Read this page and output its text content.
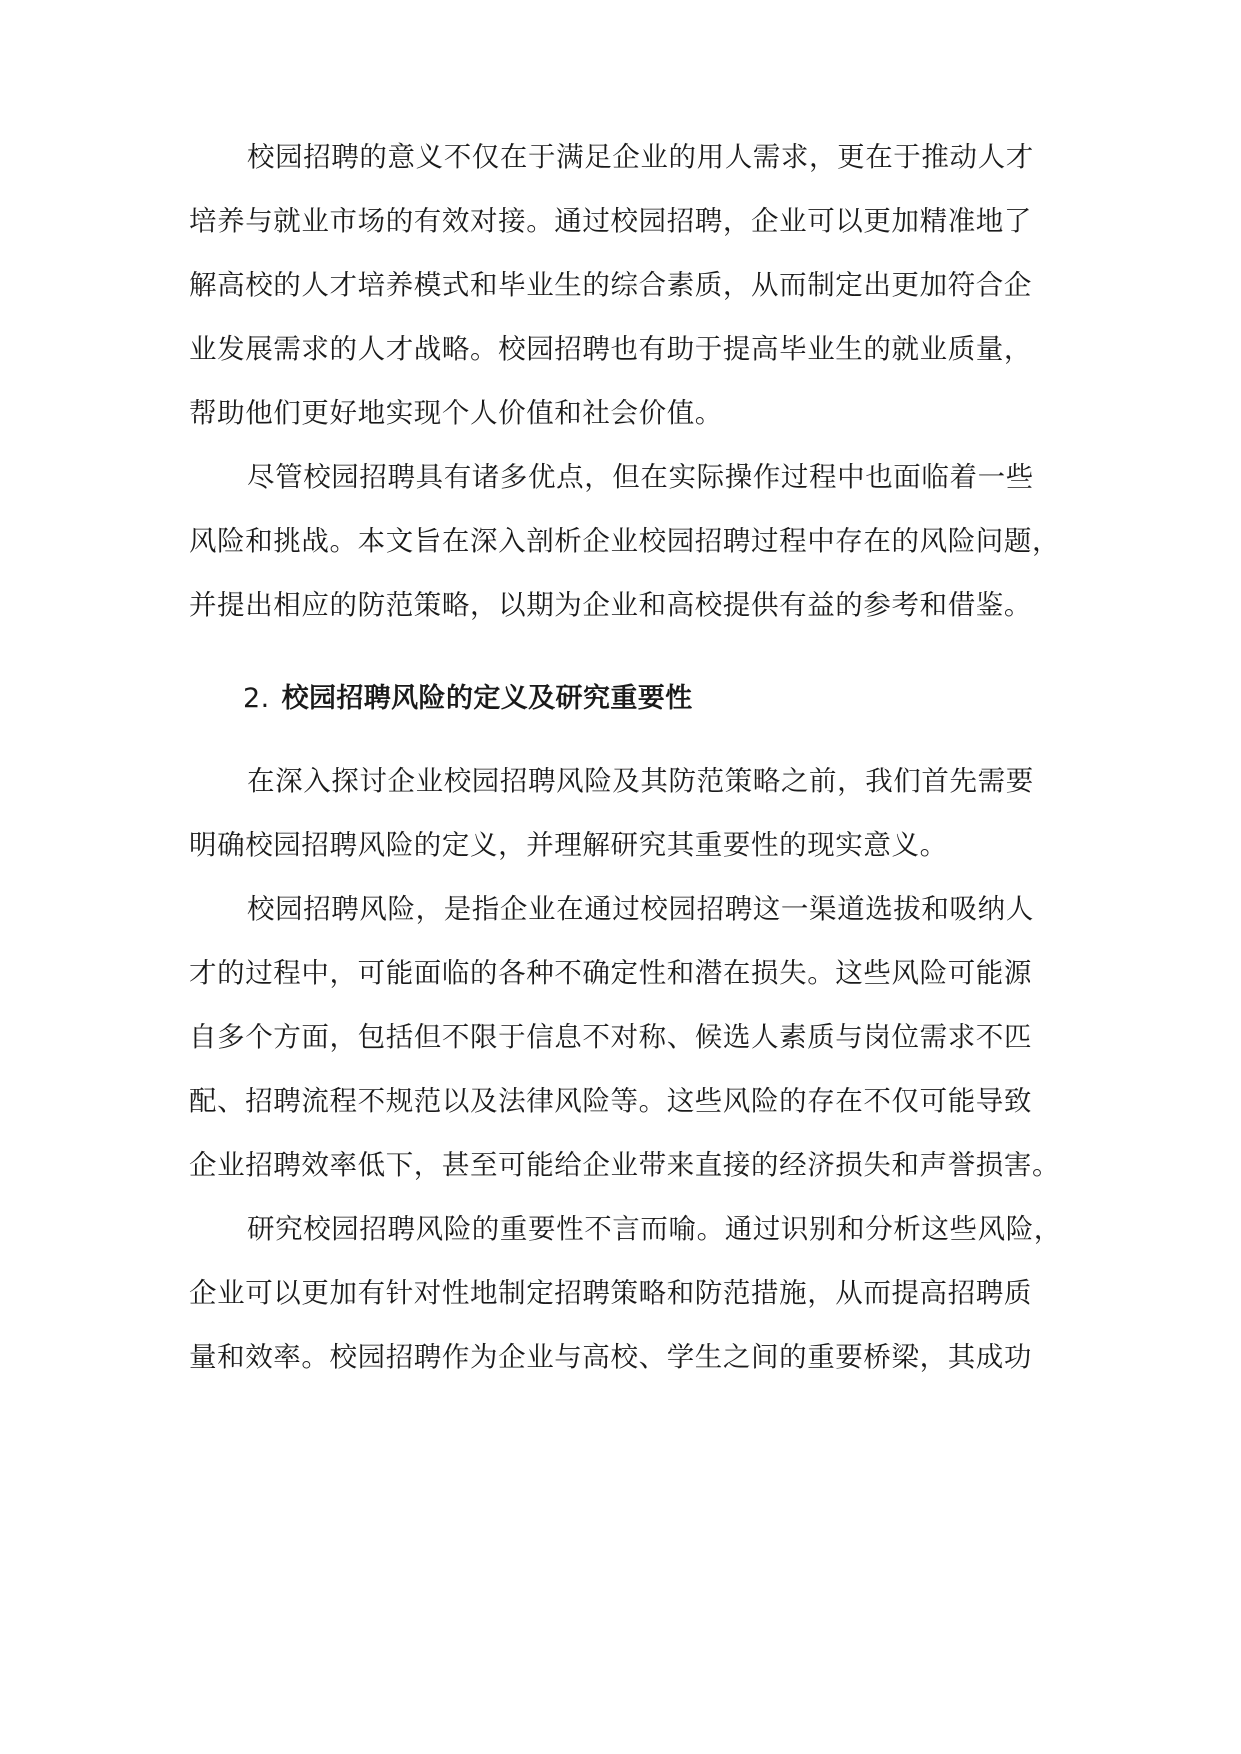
校园招聘的意义不仅在于满足企业的用人需求，更在于推动人才
培养与就业市场的有效对接。通过校园招聘，企业可以更加精准地了
解高校的人才培养模式和毕业生的综合素质，从而制定出更加符合企
业发展需求的人才战略。校园招聘也有助于提高毕业生的就业质量，
帮助他们更好地实现个人价值和社会价值。
尽管校园招聘具有诸多优点，但在实际操作过程中也面临着一些
风险和挑战。本文旨在深入剖析企业校园招聘过程中存在的风险问题，
并提出相应的防范策略，以期为企业和高校提供有益的参考和借鉴。
2. 校园招聘风险的定义及研究重要性
在深入探讨企业校园招聘风险及其防范策略之前，我们首先需要
明确校园招聘风险的定义，并理解研究其重要性的现实意义。
校园招聘风险，是指企业在通过校园招聘这一渠道选拔和吸纳人
才的过程中，可能面临的各种不确定性和潜在损失。这些风险可能源
自多个方面，包括但不限于信息不对称、候选人素质与岗位需求不匹
配、招聘流程不规范以及法律风险等。这些风险的存在不仅可能导致
企业招聘效率低下，甚至可能给企业带来直接的经济损失和声誉损害。
研究校园招聘风险的重要性不言而喻。通过识别和分析这些风险，
企业可以更加有针对性地制定招聘策略和防范措施，从而提高招聘质
量和效率。校园招聘作为企业与高校、学生之间的重要桥梁，其成功
